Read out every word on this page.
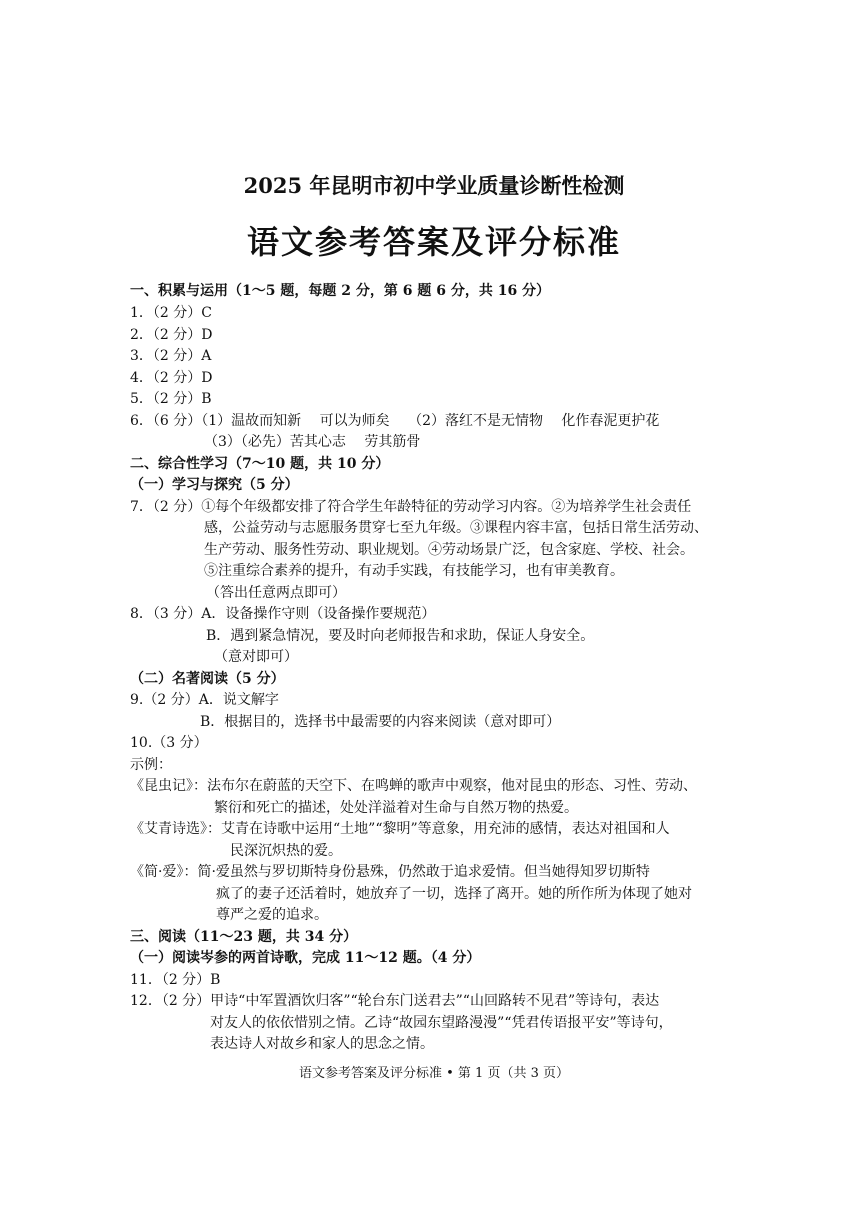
2025 年昆明市初中学业质量诊断性检测
语文参考答案及评分标准
一、积累与运用（1～5 题，每题 2 分，第 6 题 6 分，共 16 分）
1．（2 分）C
2．（2 分）D
3．（2 分）A
4．（2 分）D
5．（2 分）B
6．（6 分）（1）温故而知新　 可以为师矣　 （2）落红不是无情物　 化作春泥更护花
（3）（必先）苦其心志　 劳其筋骨
二、综合性学习（7～10 题，共 10 分）
（一）学习与探究（5 分）
7．（2 分）①每个年级都安排了符合学生年龄特征的劳动学习内容。②为培养学生社会责任
感，公益劳动与志愿服务贯穿七至九年级。③课程内容丰富，包括日常生活劳动、
生产劳动、服务性劳动、职业规划。④劳动场景广泛，包含家庭、学校、社会。
⑤注重综合素养的提升，有动手实践，有技能学习，也有审美教育。
（答出任意两点即可）
8．（3 分）A．设备操作守则（设备操作要规范）
B．遇到紧急情况，要及时向老师报告和求助，保证人身安全。
（意对即可）
（二）名著阅读（5 分）
9.（2 分）A．说文解字
B．根据目的，选择书中最需要的内容来阅读（意对即可）
10.（3 分）
示例：
《昆虫记》：法布尔在蔚蓝的天空下、在鸣蝉的歌声中观察，他对昆虫的形态、习性、劳动、
繁衍和死亡的描述，处处洋溢着对生命与自然万物的热爱。
《艾青诗选》：艾青在诗歌中运用“土地”“黎明”等意象，用充沛的感情，表达对祖国和人
民深沉炽热的爱。
《简·爱》：简·爱虽然与罗切斯特身份悬殊，仍然敢于追求爱情。但当她得知罗切斯特
疯了的妻子还活着时，她放弃了一切，选择了离开。她的所作所为体现了她对
尊严之爱的追求。
三、阅读（11～23 题，共 34 分）
（一）阅读岑参的两首诗歌，完成 11～12 题。（4 分）
11．（2 分）B
12．（2 分）甲诗“中军置酒饮归客”“轮台东门送君去”“山回路转不见君”等诗句，表达
对友人的依依惜别之情。乙诗“故园东望路漫漫”“凭君传语报平安”等诗句，
表达诗人对故乡和家人的思念之情。
语文参考答案及评分标准 • 第 1 页（共 3 页）
